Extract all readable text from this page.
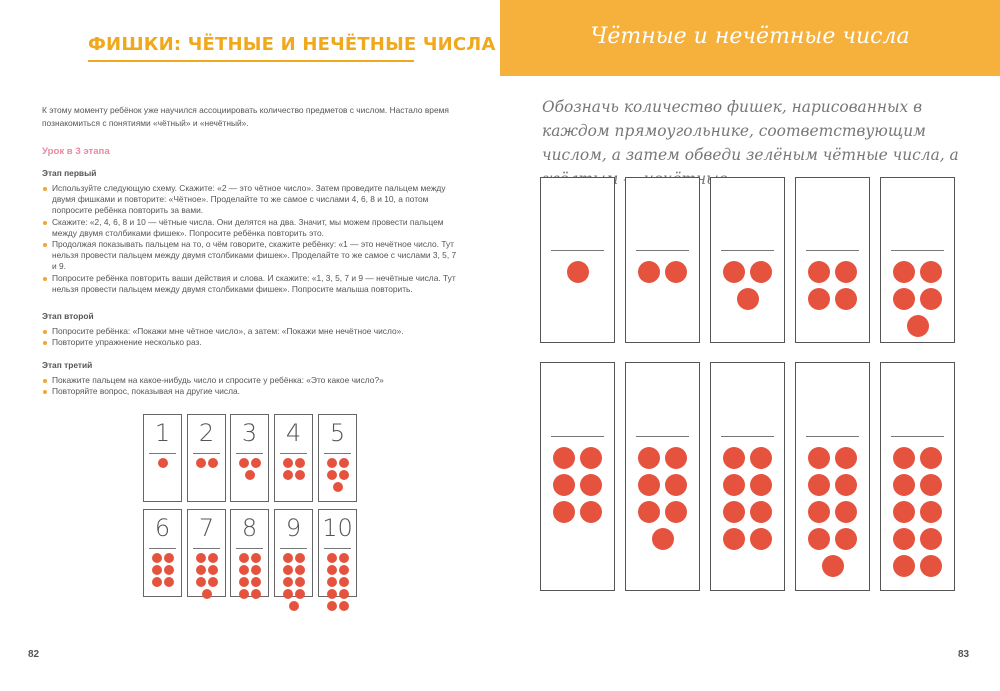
ФИШКИ: ЧЁТНЫЕ И НЕЧЁТНЫЕ ЧИСЛА

К этому моменту ребёнок уже научился ассоциировать количество предметов с числом. Настало время познакомиться с понятиями «чётный» и «нечётный».

Урок в 3 этапа
Этап первый
Используйте следующую схему. Скажите: «2 — это чётное число». Затем проведите пальцем между двумя фишками и повторите: «Чётное». Проделайте то же самое с числами 4, 6, 8 и 10, а потом попросите ребёнка повторить за вами.
Скажите: «2, 4, 6, 8 и 10 — чётные числа. Они делятся на два. Значит, мы можем провести пальцем между двумя столбиками фишек». Попросите ребёнка повторить это.
Продолжая показывать пальцем на то, о чём говорите, скажите ребёнку: «1 — это нечётное число. Тут нельзя провести пальцем между двумя столбиками фишек». Проделайте то же самое с числами 3, 5, 7 и 9.
Попросите ребёнка повторить ваши действия и слова. И скажите: «1, 3, 5, 7 и 9 — нечётные числа. Тут нельзя провести пальцем между двумя столбиками фишек». Попросите малыша повторить.
Этап второй
Попросите ребёнка: «Покажи мне чётное число», а затем: «Покажи мне нечётное число».
Повторите упражнение несколько раз.
Этап третий
Покажите пальцем на какое-нибудь число и спросите у ребёнка: «Это какое число?»
Повторяйте вопрос, показывая на другие числа.
1	2	3	4	5
6	7	8	9 10
82
Чётные и нечётные числа

Обозначь количество фишек, нарисованных в каждом прямоугольнике, соответствующим числом, а затем обведи зелёным чётные числа, а

83
